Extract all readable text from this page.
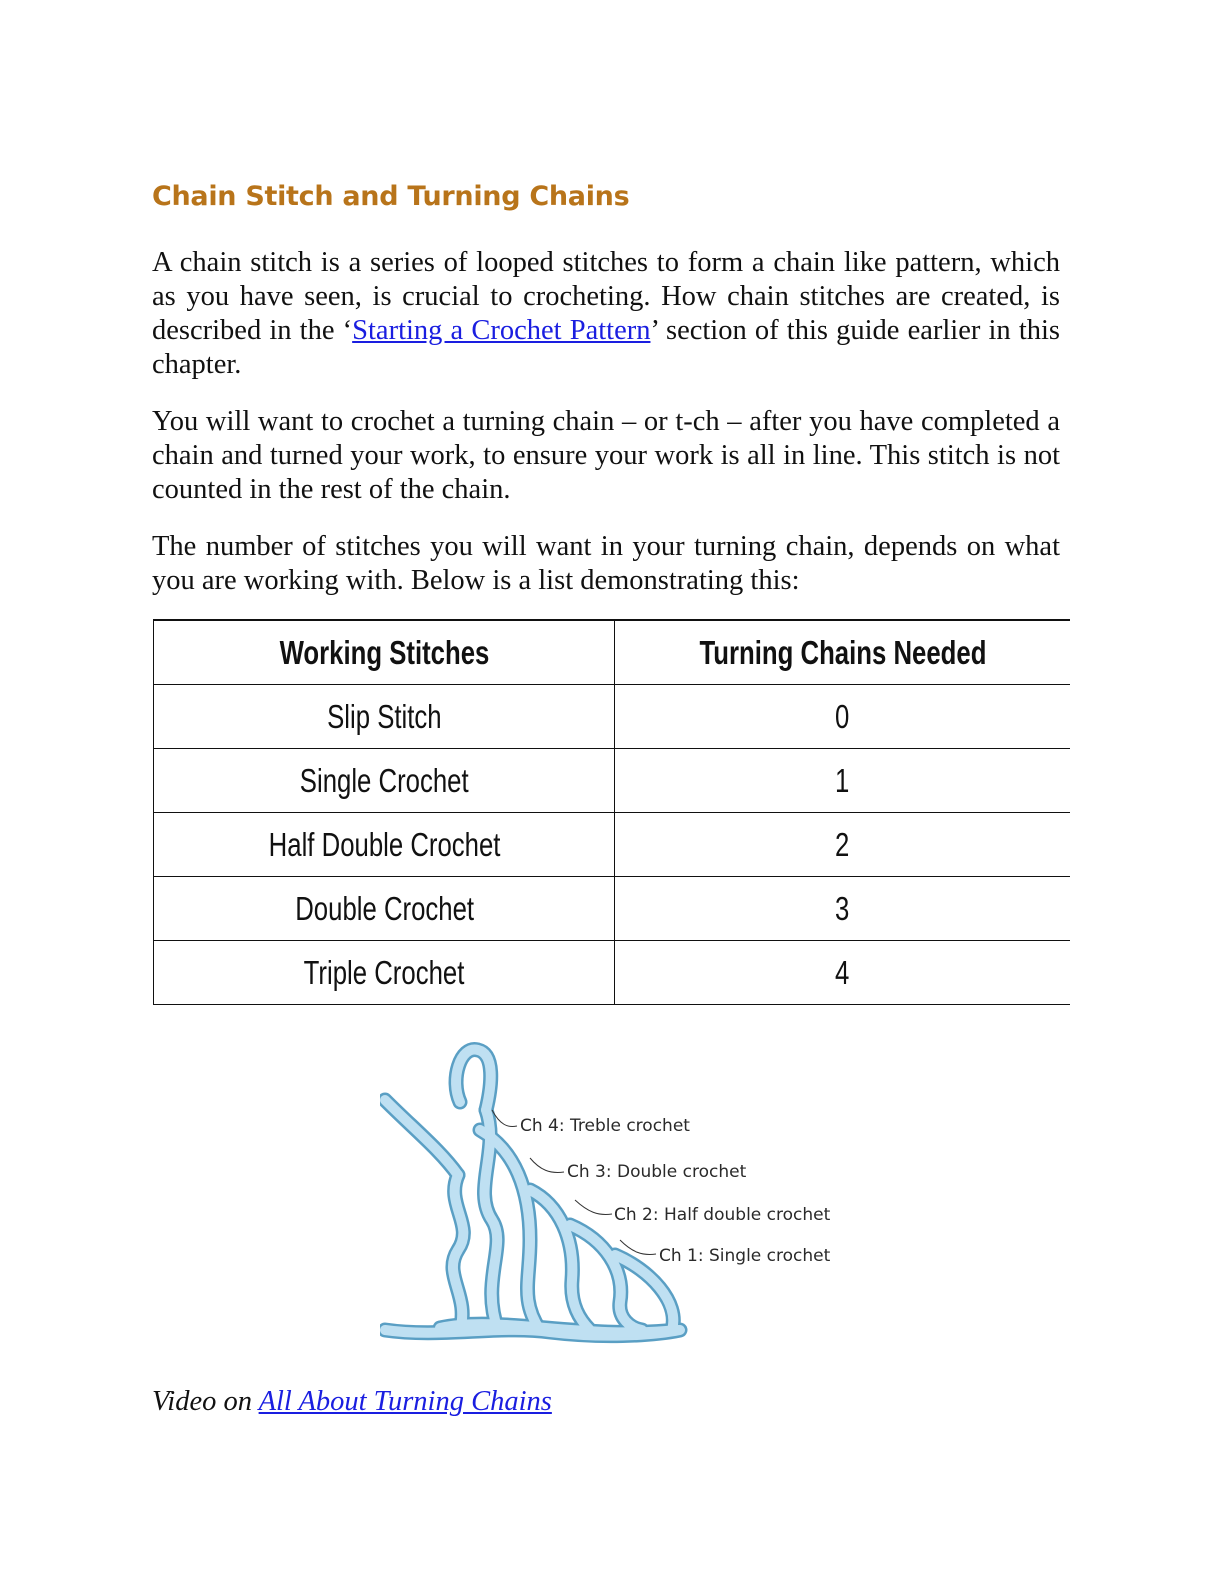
Chain Stitch and Turning Chains

A chain stitch is a series of looped stitches to form a chain like pattern, which as you have seen, is crucial to crocheting. How chain stitches are created, is described in the ‘Starting a Crochet Pattern’ section of this guide earlier in this chapter.

You will want to crochet a turning chain – or t-ch – after you have completed a chain and turned your work, to ensure your work is all in line. This stitch is not counted in the rest of the chain.

The number of stitches you will want in your turning chain, depends on what you are working with. Below is a list demonstrating this:

Working Stitches	Turning Chains Needed
Slip Stitch	0
Single Crochet	1
Half Double Crochet	2
Double Crochet	3
Triple Crochet	4
Ch 4: Treble crochet
Ch 3: Double crochet
Ch 2: Half double crochet
Ch 1: Single crochet

Video on All About Turning Chains
